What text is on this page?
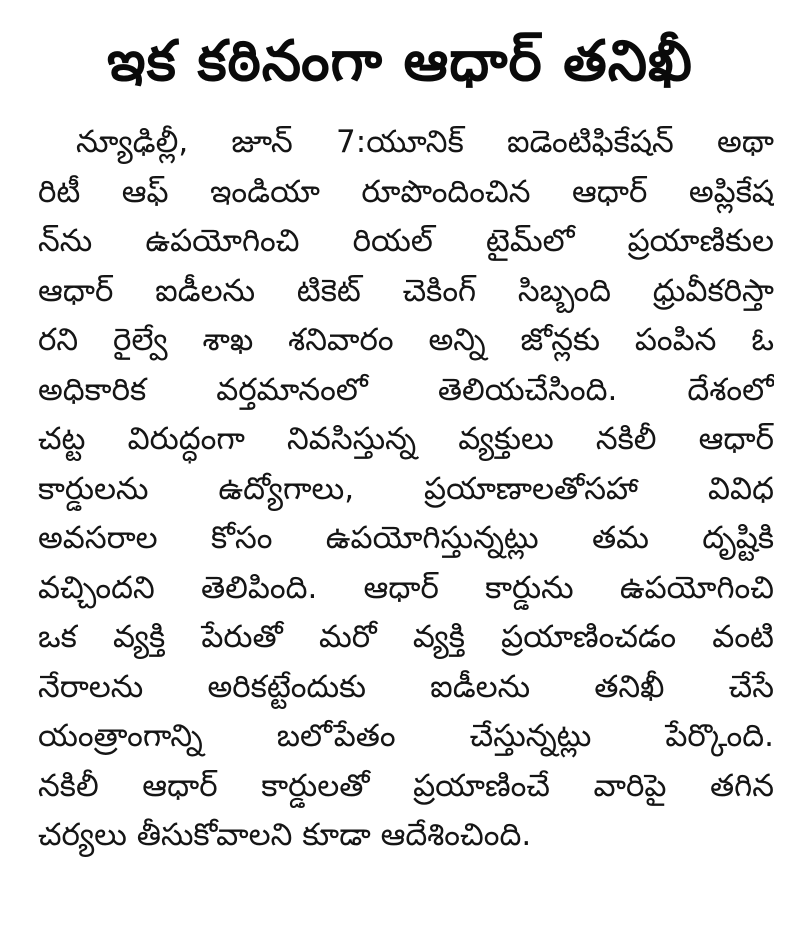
ఇక కఠినంగా ఆధార్ తనిఖీ
న్యూఢిల్లీ, జూన్ 7:యూనిక్ ఐడెంటిఫికేషన్ అథా
రిటీ ఆఫ్ ఇండియా రూపొందించిన ఆధార్ అప్లికేష
న్‌ను ఉపయోగించి రియల్ టైమ్‌లో ప్రయాణికుల
ఆధార్ ఐడీలను టికెట్ చెకింగ్ సిబ్బంది ధ్రువీకరిస్తా
రని రైల్వే శాఖ శనివారం అన్ని జోన్లకు పంపిన ఓ
అధికారిక వర్తమానంలో తెలియచేసింది. దేశంలో
చట్ట విరుద్ధంగా నివసిస్తున్న వ్యక్తులు నకిలీ ఆధార్
కార్డులను ఉద్యోగాలు, ప్రయాణాలతోసహా వివిధ
అవసరాల కోసం ఉపయోగిస్తున్నట్లు తమ దృష్టికి
వచ్చిందని తెలిపింది. ఆధార్ కార్డును ఉపయోగించి
ఒక వ్యక్తి పేరుతో మరో వ్యక్తి ప్రయాణించడం వంటి
నేరాలను అరికట్టేందుకు ఐడీలను తనిఖీ చేసే
యంత్రాంగాన్ని బలోపేతం చేస్తున్నట్లు పేర్కొంది.
నకిలీ ఆధార్ కార్డులతో ప్రయాణించే వారిపై తగిన
చర్యలు తీసుకోవాలని కూడా ఆదేశించింది.
